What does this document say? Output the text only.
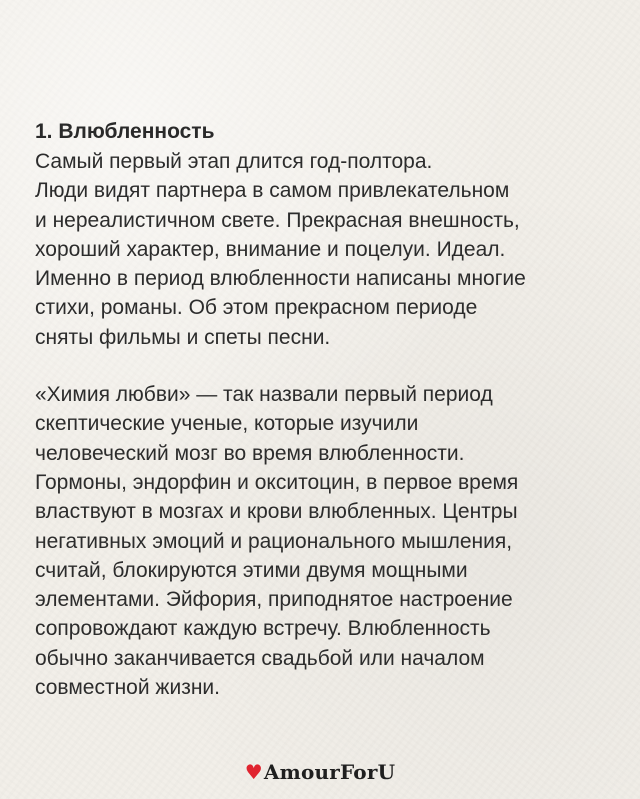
1. Влюбленность

Самый первый этап длится год-полтора.
Люди видят партнера в самом привлекательном
и нереалистичном свете. Прекрасная внешность,
хороший характер, внимание и поцелуи. Идеал.
Именно в период влюбленности написаны многие
стихи, романы. Об этом прекрасном периоде
сняты фильмы и спеты песни.

«Химия любви» — так назвали первый период
скептические ученые, которые изучили
человеческий мозг во время влюбленности.
Гормоны, эндорфин и окситоцин, в первое время
властвуют в мозгах и крови влюбленных. Центры
негативных эмоций и рационального мышления,
считай, блокируются этими двумя мощными
элементами. Эйфория, приподнятое настроение
сопровождают каждую встречу. Влюбленность
обычно заканчивается свадьбой или началом
совместной жизни.

♥AmourForU
